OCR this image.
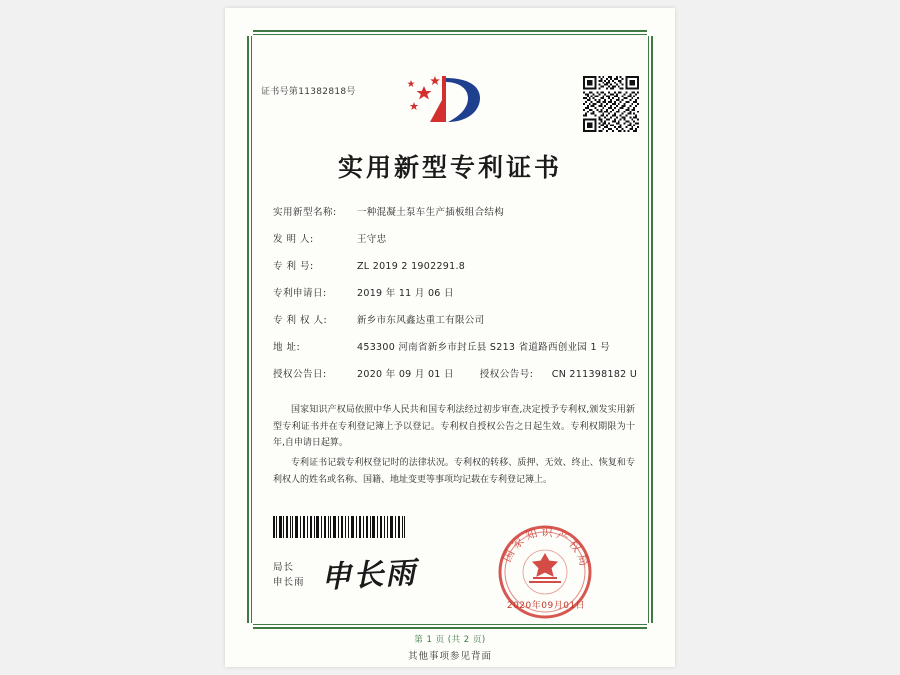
证书号第11382818号
实用新型专利证书
实用新型名称:	一种混凝土泵车生产插板组合结构
发 明 人:	王守忠
专 利 号:	ZL 2019 2 1902291.8
专利申请日:	2019 年 11 月 06 日
专 利 权 人:	新乡市东风鑫达重工有限公司
地 址:	453300 河南省新乡市封丘县 S213 省道路西创业园 1 号
授权公告日:	2020 年 09 月 01 日	授权公告号:	CN 211398182 U

国家知识产权局依照中华人民共和国专利法经过初步审查,决定授予专利权,颁发实用新型专利证书并在专利登记簿上予以登记。专利权自授权公告之日起生效。专利权期限为十年,自申请日起算。

专利证书记载专利权登记时的法律状况。专利权的转移、质押、无效、终止、恢复和专利权人的姓名或名称、国籍、地址变更等事项均记载在专利登记簿上。

局长
申长雨 申长雨
国家知识产权局
2020年09月01日
第 1 页 (共 2 页)
其他事项参见背面
